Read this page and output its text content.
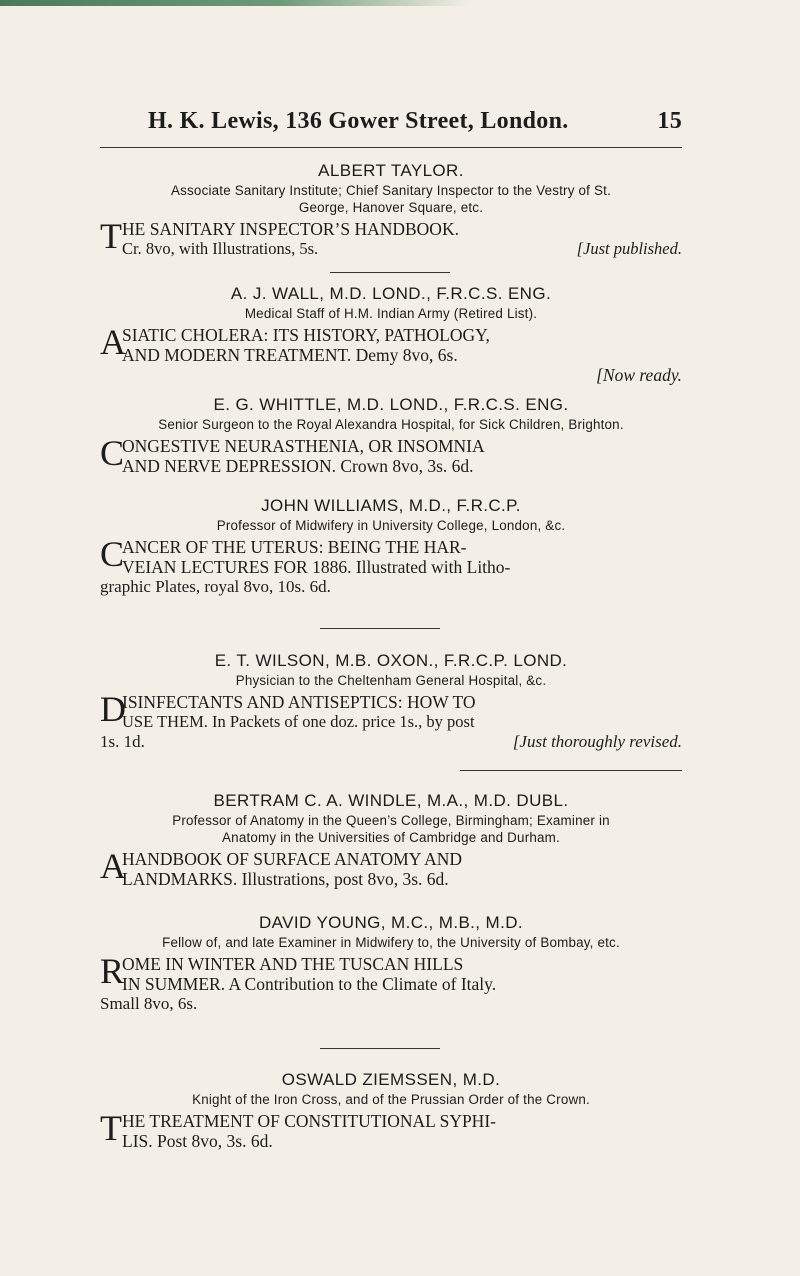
H. K. Lewis, 136 Gower Street, London.	15
ALBERT TAYLOR.
Associate Sanitary Institute; Chief Sanitary Inspector to the Vestry of St.
George, Hanover Square, etc.
T HE SANITARY INSPECTOR’S HANDBOOK.
Cr. 8vo, with Illustrations, 5s.	[Just published.
A. J. WALL, M.D. LOND., F.R.C.S. ENG.
Medical Staff of H.M. Indian Army (Retired List).
A
SIATIC CHOLERA: ITS HISTORY, PATHOLOGY,
AND MODERN TREATMENT. Demy 8vo, 6s.
[Now ready.
E. G. WHITTLE, M.D. LOND., F.R.C.S. ENG.
Senior Surgeon to the Royal Alexandra Hospital, for Sick Children, Brighton.
C
ONGESTIVE NEURASTHENIA, OR INSOMNIA
AND NERVE DEPRESSION. Crown 8vo, 3s. 6d.
JOHN WILLIAMS, M.D., F.R.C.P.
Professor of Midwifery in University College, London, &c.
C
ANCER OF THE UTERUS: BEING THE HAR-
VEIAN LECTURES FOR 1886. Illustrated with Litho-
graphic Plates, royal 8vo, 10s. 6d.
E. T. WILSON, M.B. OXON., F.R.C.P. LOND.
Physician to the Cheltenham General Hospital, &c.
D
ISINFECTANTS AND ANTISEPTICS: HOW TO
USE THEM. In Packets of one doz. price 1s., by post
1s. 1d.	[Just thoroughly revised.
BERTRAM C. A. WINDLE, M.A., M.D. DUBL.
Professor of Anatomy in the Queen’s College, Birmingham; Examiner in
Anatomy in the Universities of Cambridge and Durham.
A
HANDBOOK OF SURFACE ANATOMY AND
LANDMARKS. Illustrations, post 8vo, 3s. 6d.
DAVID YOUNG, M.C., M.B., M.D.
Fellow of, and late Examiner in Midwifery to, the University of Bombay, etc.
R
OME IN WINTER AND THE TUSCAN HILLS
IN SUMMER. A Contribution to the Climate of Italy.
Small 8vo, 6s.
OSWALD ZIEMSSEN, M.D.
Knight of the Iron Cross, and of the Prussian Order of the Crown.
T HE TREATMENT OF CONSTITUTIONAL SYPHI-
LIS. Post 8vo, 3s. 6d.
